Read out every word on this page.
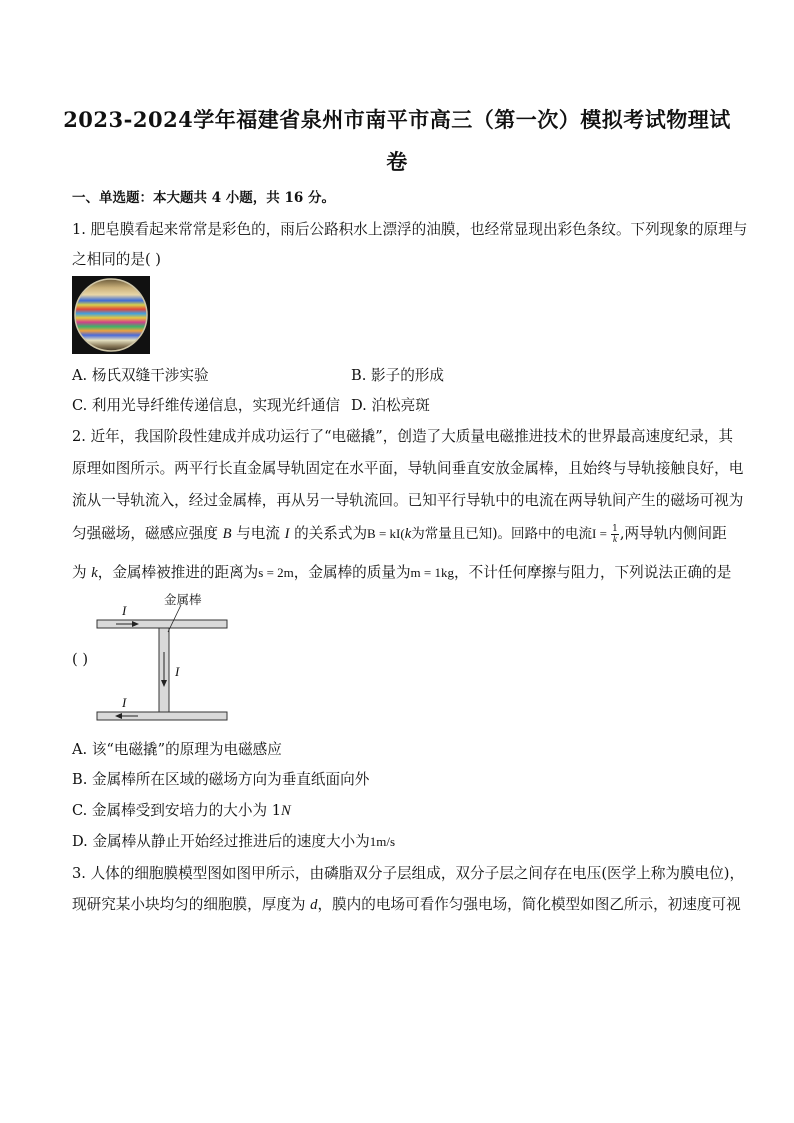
2023-2024学年福建省泉州市南平市高三（第一次）模拟考试物理试
卷
一、单选题：本大题共 4 小题，共 16 分。
1. 肥皂膜看起来常常是彩色的，雨后公路积水上漂浮的油膜，也经常显现出彩色条纹。下列现象的原理与
之相同的是( )
A. 杨氏双缝干涉实验	B. 影子的形成
C. 利用光导纤维传递信息，实现光纤通信 D. 泊松亮斑
2. 近年，我国阶段性建成并成功运行了“电磁撬”，创造了大质量电磁推进技术的世界最高速度纪录，其
原理如图所示。两平行长直金属导轨固定在水平面，导轨间垂直安放金属棒，且始终与导轨接触良好，电
流从一导轨流入，经过金属棒，再从另一导轨流回。已知平行导轨中的电流在两导轨间产生的磁场可视为
匀强磁场，磁感应强度 B 与电流 I 的关系式为B = kI(k为常量且已知)。回路中的电流$I = \frac{1}{k}$ ,两导轨内侧间距
为 k，金属棒被推进的距离为s = 2m，金属棒的质量为m = 1kg，不计任何摩擦与阻力，下列说法正确的是
( )
金属棒
I
I
I
A. 该“电磁撬”的原理为电磁感应
B. 金属棒所在区域的磁场方向为垂直纸面向外
C. 金属棒受到安培力的大小为 1N
D. 金属棒从静止开始经过推进后的速度大小为1m/s
3. 人体的细胞膜模型图如图甲所示，由磷脂双分子层组成，双分子层之间存在电压(医学上称为膜电位)，
现研究某小块均匀的细胞膜，厚度为 d，膜内的电场可看作匀强电场，简化模型如图乙所示，初速度可视
